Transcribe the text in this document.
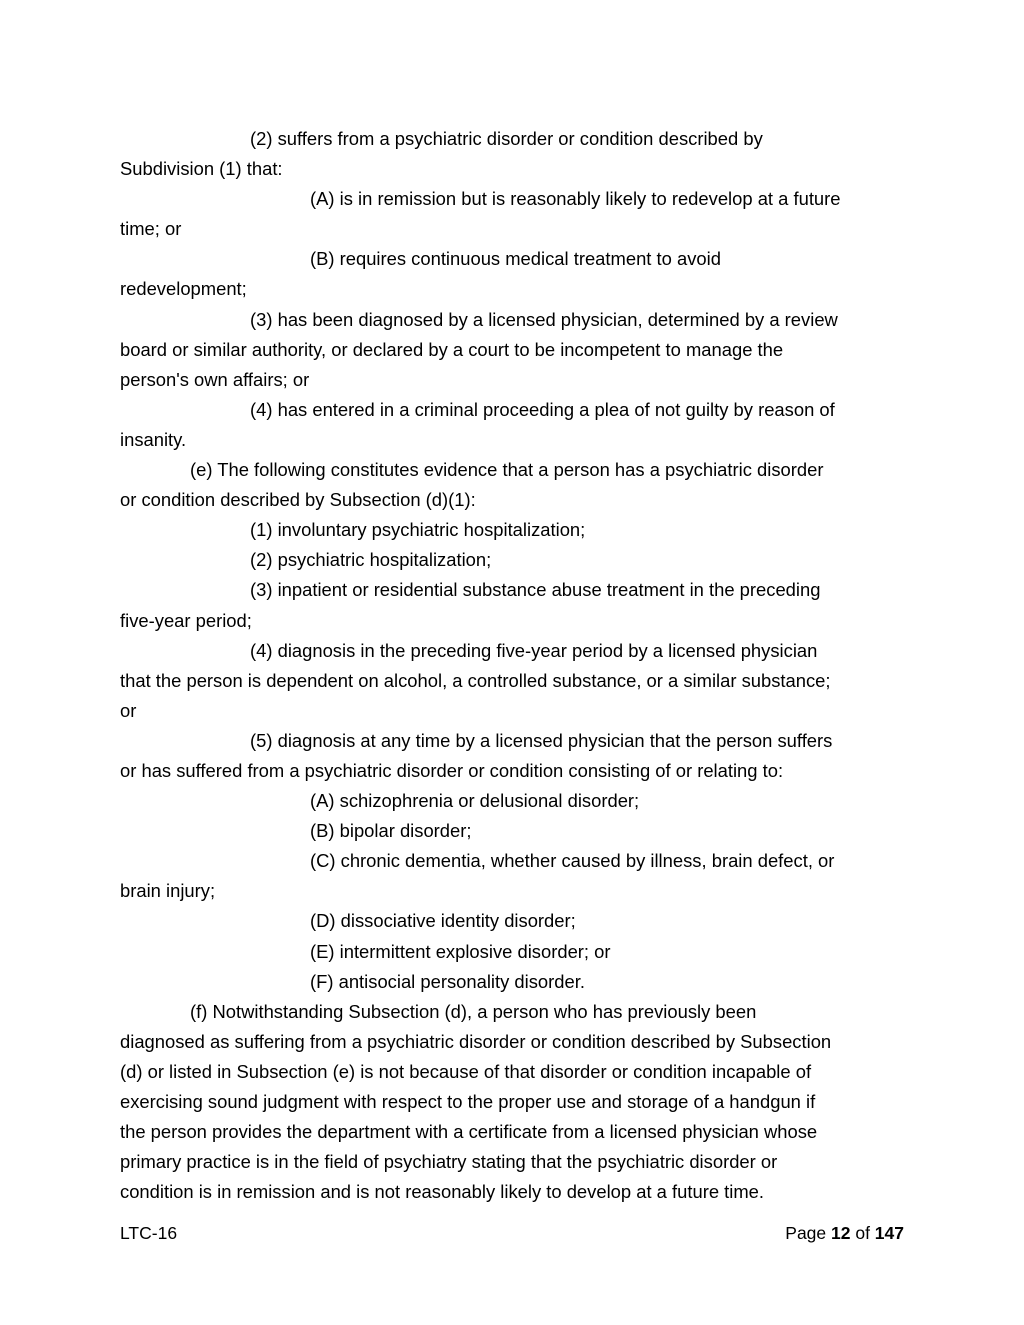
(2) suffers from a psychiatric disorder or condition described by
Subdivision (1) that:
(A) is in remission but is reasonably likely to redevelop at a future
time; or
(B) requires continuous medical treatment to avoid
redevelopment;
(3) has been diagnosed by a licensed physician, determined by a review
board or similar authority, or declared by a court to be incompetent to manage the
person's own affairs; or
(4) has entered in a criminal proceeding a plea of not guilty by reason of
insanity.
(e) The following constitutes evidence that a person has a psychiatric disorder
or condition described by Subsection (d)(1):
(1) involuntary psychiatric hospitalization;
(2) psychiatric hospitalization;
(3) inpatient or residential substance abuse treatment in the preceding
five-year period;
(4) diagnosis in the preceding five-year period by a licensed physician
that the person is dependent on alcohol, a controlled substance, or a similar substance;
or
(5) diagnosis at any time by a licensed physician that the person suffers
or has suffered from a psychiatric disorder or condition consisting of or relating to:
(A) schizophrenia or delusional disorder;
(B) bipolar disorder;
(C) chronic dementia, whether caused by illness, brain defect, or
brain injury;
(D) dissociative identity disorder;
(E) intermittent explosive disorder; or
(F) antisocial personality disorder.
(f) Notwithstanding Subsection (d), a person who has previously been
diagnosed as suffering from a psychiatric disorder or condition described by Subsection
(d) or listed in Subsection (e) is not because of that disorder or condition incapable of
exercising sound judgment with respect to the proper use and storage of a handgun if
the person provides the department with a certificate from a licensed physician whose
primary practice is in the field of psychiatry stating that the psychiatric disorder or
condition is in remission and is not reasonably likely to develop at a future time.
LTC-16	Page 12 of 147
